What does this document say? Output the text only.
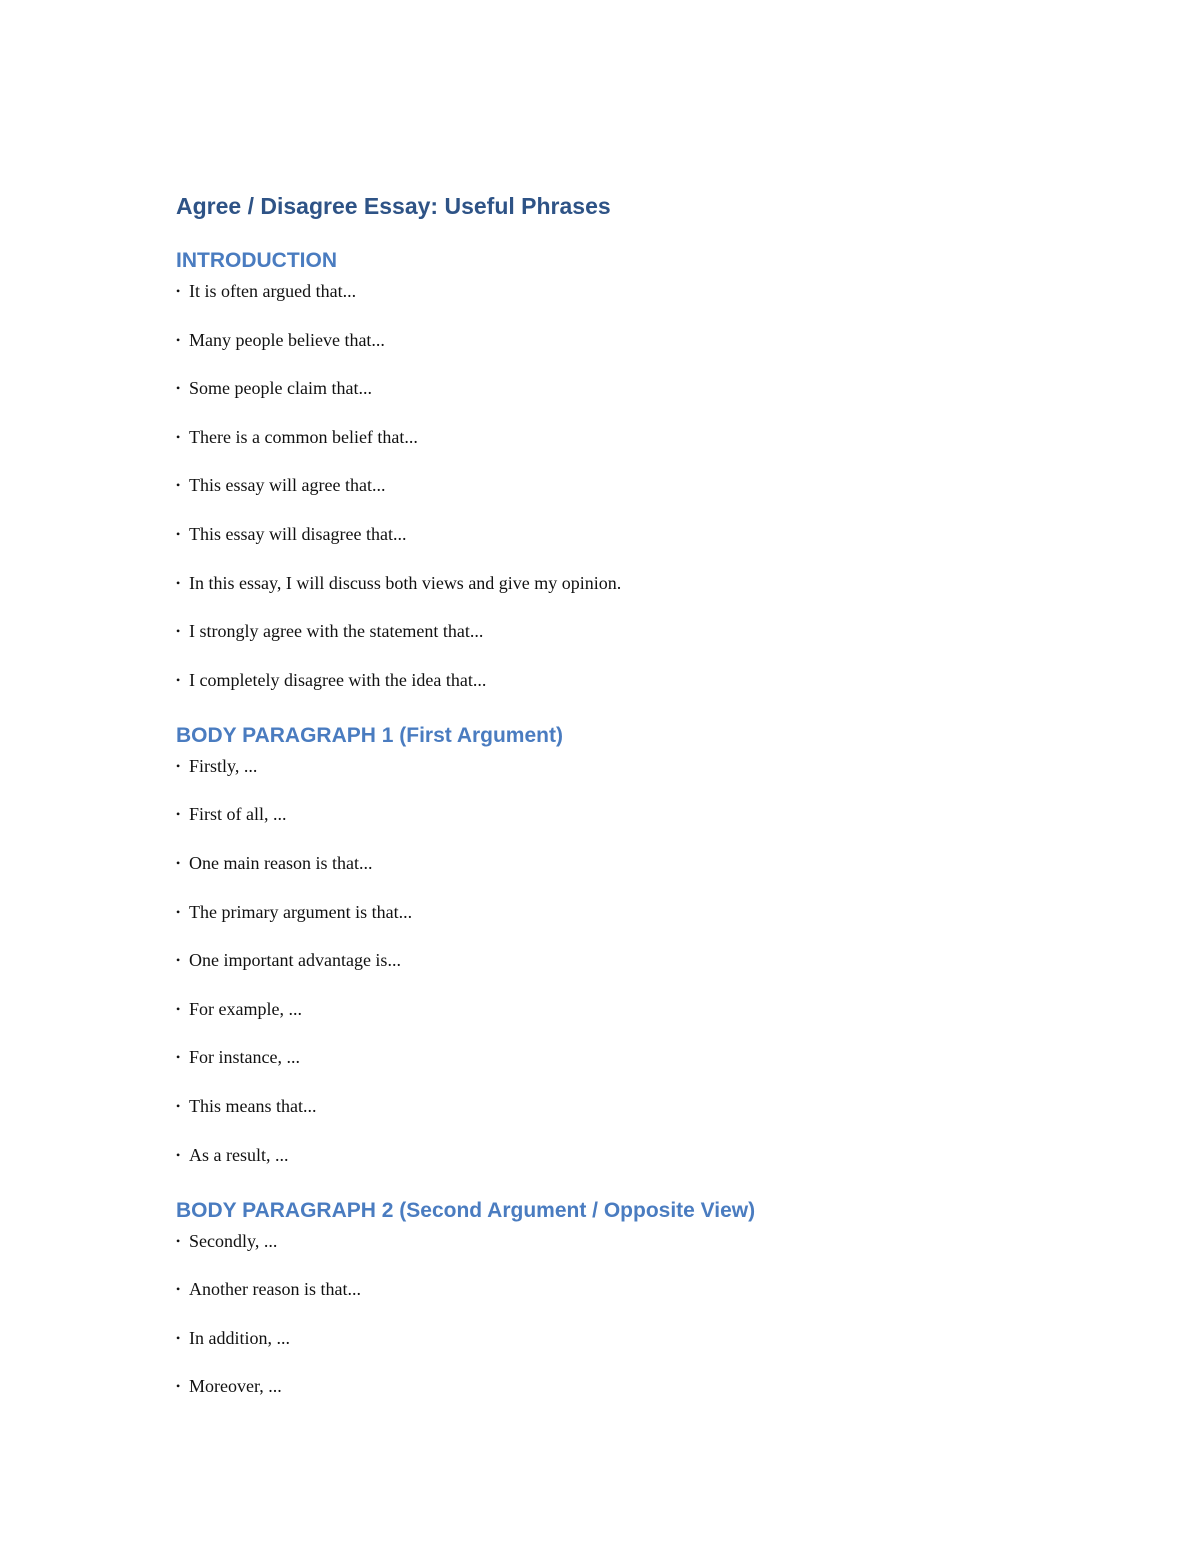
Agree / Disagree Essay: Useful Phrases
INTRODUCTION
• It is often argued that...
• Many people believe that...
• Some people claim that...
• There is a common belief that...
• This essay will agree that...
• This essay will disagree that...
• In this essay, I will discuss both views and give my opinion.
• I strongly agree with the statement that...
• I completely disagree with the idea that...
BODY PARAGRAPH 1 (First Argument)
• Firstly, ...
• First of all, ...
• One main reason is that...
• The primary argument is that...
• One important advantage is...
• For example, ...
• For instance, ...
• This means that...
• As a result, ...
BODY PARAGRAPH 2 (Second Argument / Opposite View)
• Secondly, ...
• Another reason is that...
• In addition, ...
• Moreover, ...
